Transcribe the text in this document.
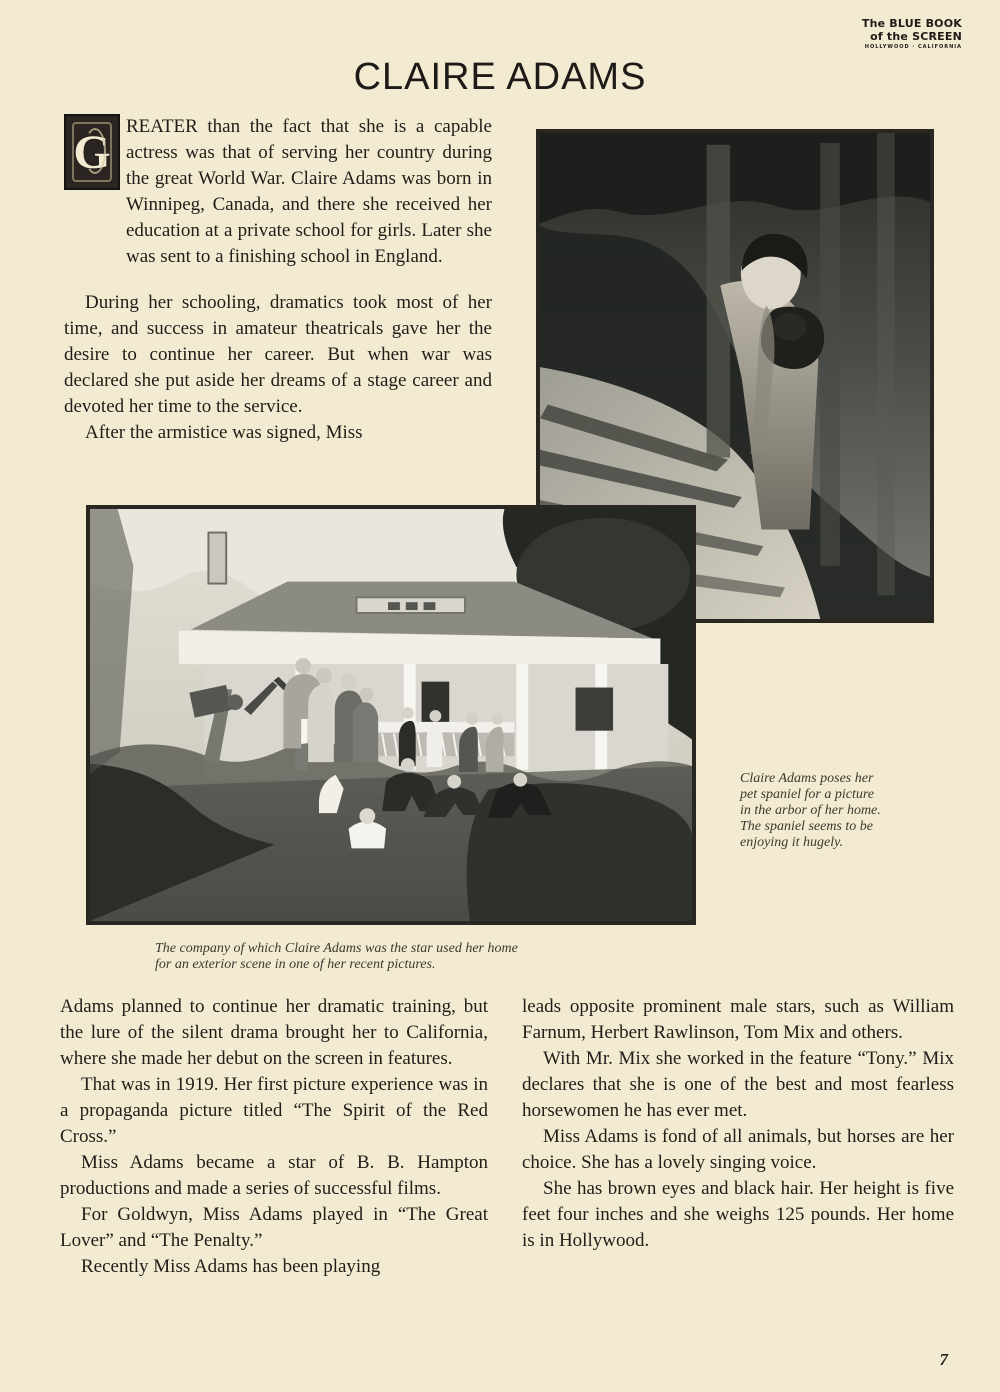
The BLUE BOOK
of the SCREEN
HOLLYWOOD · CALIFORNIA
CLAIRE ADAMS
G REATER than the fact that she is a capable actress was that of serving her country during the great World War. Claire Adams was born in Winnipeg, Canada, and there she received her education at a private school for girls. Later she was sent to a finishing school in England.

During her schooling, dramatics took most of her time, and success in amateur theatricals gave her the desire to continue her career. But when war was declared she put aside her dreams of a stage career and devoted her time to the service.

After the armistice was signed, Miss

Claire Adams poses her
pet spaniel for a picture
in the arbor of her home.
The spaniel seems to be
enjoying it hugely.
The company of which Claire Adams was the star used her home
for an exterior scene in one of her recent pictures.

Adams planned to continue her dramatic training, but the lure of the silent drama brought her to California, where she made her debut on the screen in features.

That was in 1919. Her first picture experience was in a propaganda picture titled “The Spirit of the Red Cross.”

Miss Adams became a star of B. B. Hampton productions and made a series of successful films.

For Goldwyn, Miss Adams played in “The Great Lover” and “The Penalty.”

Recently Miss Adams has been playing

leads opposite prominent male stars, such as William Farnum, Herbert Rawlinson, Tom Mix and others.

With Mr. Mix she worked in the feature “Tony.” Mix declares that she is one of the best and most fearless horsewomen he has ever met.

Miss Adams is fond of all animals, but horses are her choice. She has a lovely singing voice.

She has brown eyes and black hair. Her height is five feet four inches and she weighs 125 pounds. Her home is in Hollywood.

7
